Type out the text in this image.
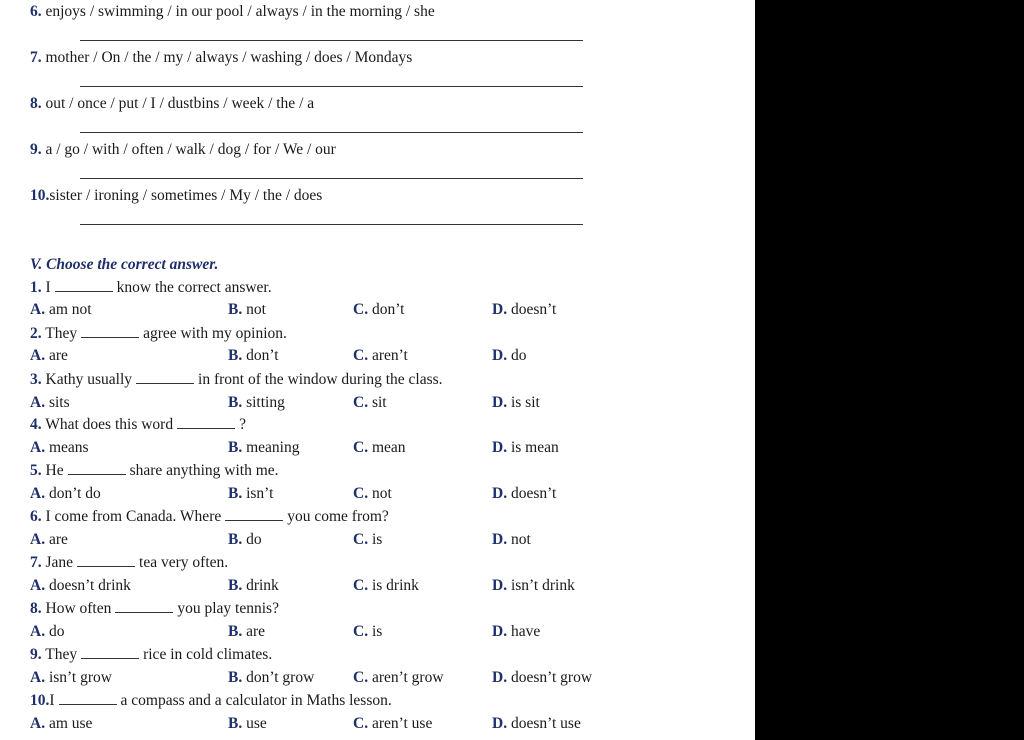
6. enjoys / swimming / in our pool / always / in the morning / she
7. mother / On / the / my / always / washing / does / Mondays
8. out / once / put / I / dustbins / week / the / a
9. a / go / with / often / walk / dog / for / We / our
10.sister / ironing / sometimes / My / the / does
V. Choose the correct answer.
1. I	know the correct answer.
A. am not	B. not	C. don’t	D. doesn’t
2. They	agree with my opinion.
A. are	B. don’t	C. aren’t	D. do
3. Kathy usually	in front of the window during the class.
A. sits	B. sitting	C. sit	D. is sit
4. What does this word	?
A. means	B. meaning	C. mean	D. is mean
5. He	share anything with me.
A. don’t do	B. isn’t	C. not	D. doesn’t
6. I come from Canada. Where	you come from?
A. are	B. do	C. is	D. not
7. Jane	tea very often.
A. doesn’t drink	B. drink	C. is drink	D. isn’t drink
8. How often	you play tennis?
A. do	B. are	C. is	D. have
9. They	rice in cold climates.
A. isn’t grow	B. don’t grow C. aren’t grow	D. doesn’t grow
10.I	a compass and a calculator in Maths lesson.
A. am use	B. use	C. aren’t use	D. doesn’t use
